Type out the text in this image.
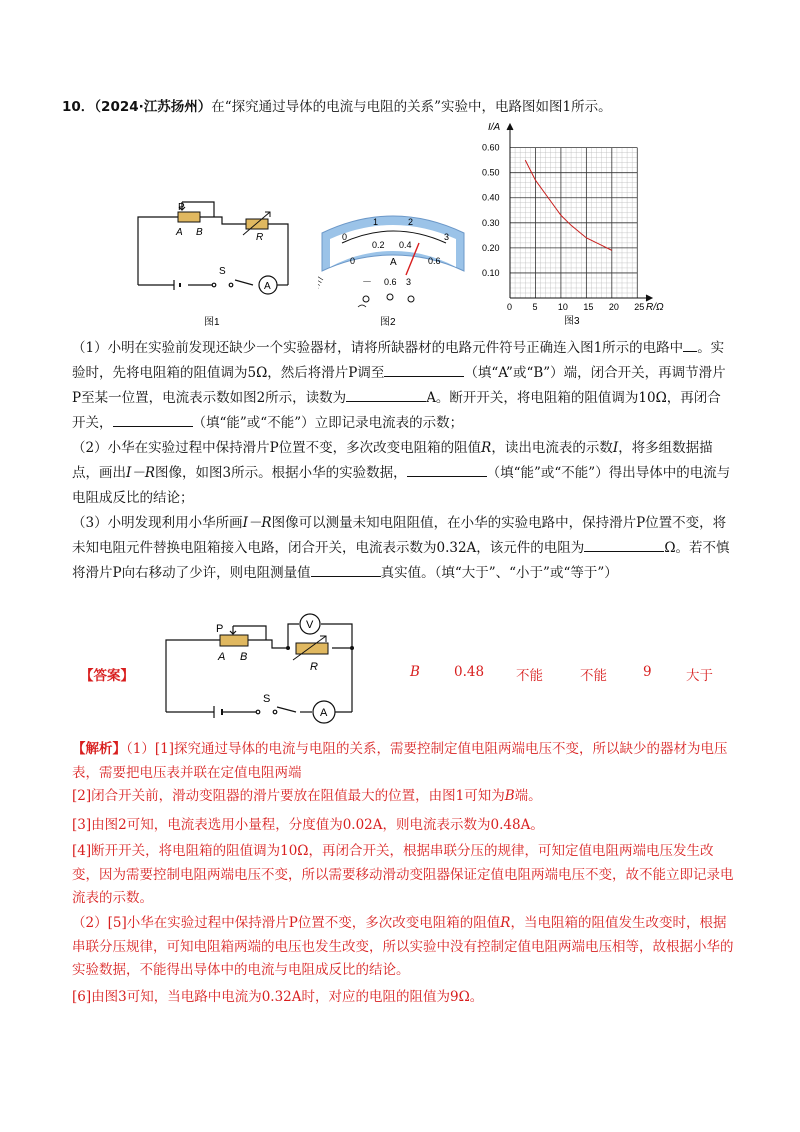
10．（2024·江苏扬州）在“探究通过导体的电流与电阻的关系”实验中，电路图如图1所示。
P
A B	R
S
A
图1
0
1	2
3
0
0.2 0.4
0.6
A
－ 0.6 3
图2
I/A
R/Ω
0.10
0.20
0.30
0.40
0.50
0.60
0 5 10 15 20 25
图3
（1）小明在实验前发现还缺少一个实验器材，请将所缺器材的电路元件符号正确连入图1所示的电路中 。实验时，先将电阻箱的阻值调为5Ω，然后将滑片P调至	（填“A”或“B”）端，闭合开关，再调节滑片P至某一位置，电流表示数如图2所示，读数为	A。断开开关，将电阻箱的阻值调为10Ω，再闭合开关，	（填“能”或“不能”）立即记录电流表的示数；
（2）小华在实验过程中保持滑片P位置不变，多次改变电阻箱的阻值R，读出电流表的示数I，将多组数据描点，画出I－R图像，如图3所示。根据小华的实验数据，	（填“能”或“不能”）得出导体中的电流与电阻成反比的结论；
（3）小明发现利用小华所画I－R图像可以测量未知电阻阻值，在小华的实验电路中，保持滑片P位置不变，将未知电阻元件替换电阻箱接入电路，闭合开关，电流表示数为0.32A，该元件的电阻为	Ω。若不慎将滑片P向右移动了少许，则电阻测量值	真实值。（填“大于”、“小于”或“等于”）
【答案】
V
A
P
A B
R
S
B	0.48 不能	不能	9	大于
【解析】（1）[1]探究通过导体的电流与电阻的关系，需要控制定值电阻两端电压不变，所以缺少的器材为电压表，需要把电压表并联在定值电阻两端
[2]闭合开关前，滑动变阻器的滑片要放在阻值最大的位置，由图1可知为B端。
[3]由图2可知，电流表选用小量程，分度值为0.02A，则电流表示数为0.48A。
[4]断开开关，将电阻箱的阻值调为10Ω，再闭合开关，根据串联分压的规律，可知定值电阻两端电压发生改变，因为需要控制电阻两端电压不变，所以需要移动滑动变阻器保证定值电阻两端电压不变，故不能立即记录电流表的示数。
（2）[5]小华在实验过程中保持滑片P位置不变，多次改变电阻箱的阻值R，当电阻箱的阻值发生改变时，根据串联分压规律，可知电阻箱两端的电压也发生改变，所以实验中没有控制定值电阻两端电压相等，故根据小华的实验数据，不能得出导体中的电流与电阻成反比的结论。
[6]由图3可知，当电路中电流为0.32A时，对应的电阻的阻值为9Ω。
